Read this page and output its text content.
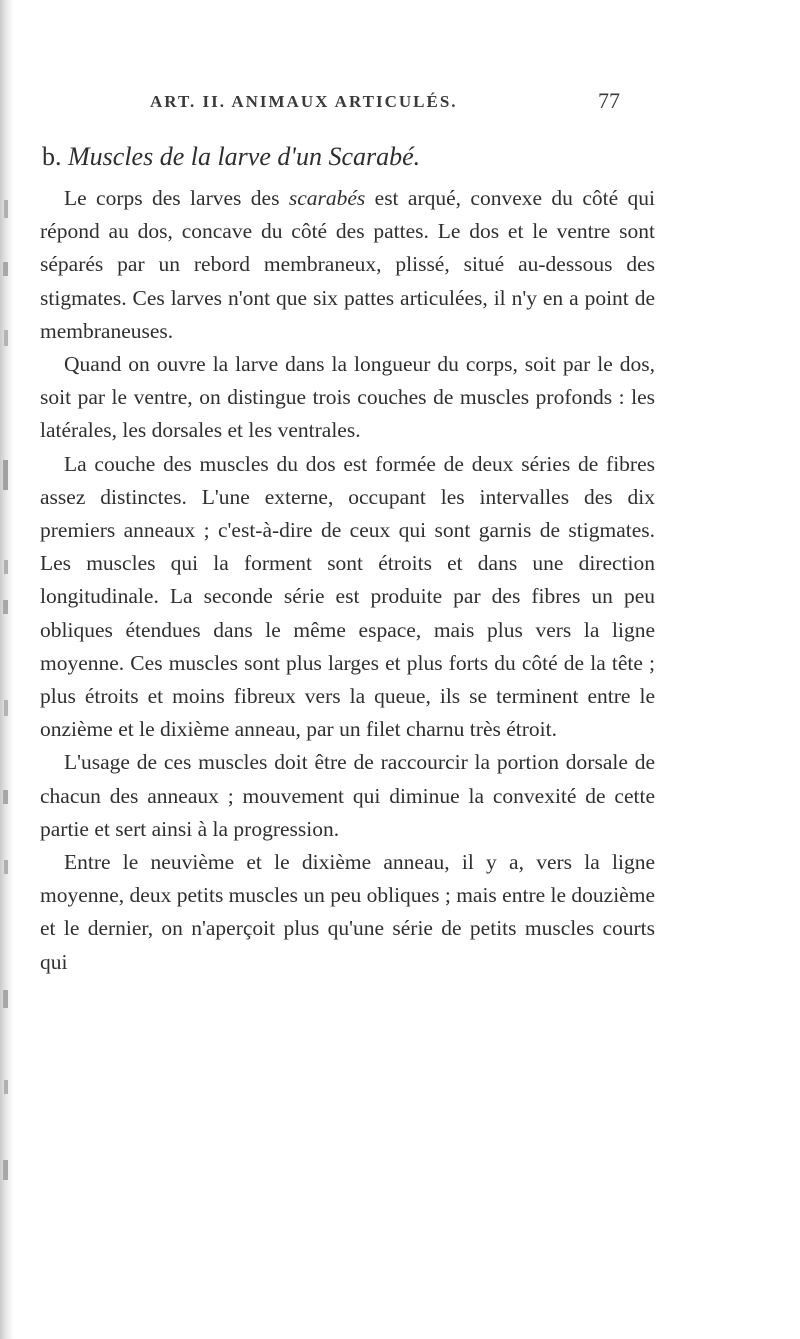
ART. II. ANIMAUX ARTICULÉS.	77
b. Muscles de la larve d'un Scarabé.

Le corps des larves des scarabés est arqué, convexe du côté qui répond au dos, concave du côté des pattes. Le dos et le ventre sont séparés par un rebord membraneux, plissé, situé au-dessous des stigmates. Ces larves n'ont que six pattes articulées, il n'y en a point de membraneuses.

Quand on ouvre la larve dans la longueur du corps, soit par le dos, soit par le ventre, on distingue trois couches de muscles profonds : les latérales, les dorsales et les ventrales.

La couche des muscles du dos est formée de deux séries de fibres assez distinctes. L'une externe, occupant les intervalles des dix premiers anneaux ; c'est-à-dire de ceux qui sont garnis de stigmates. Les muscles qui la forment sont étroits et dans une direction longitudinale. La seconde série est produite par des fibres un peu obliques étendues dans le même espace, mais plus vers la ligne moyenne. Ces muscles sont plus larges et plus forts du côté de la tête ; plus étroits et moins fibreux vers la queue, ils se terminent entre le onzième et le dixième anneau, par un filet charnu très étroit.

L'usage de ces muscles doit être de raccourcir la portion dorsale de chacun des anneaux ; mouvement qui diminue la convexité de cette partie et sert ainsi à la progression.

Entre le neuvième et le dixième anneau, il y a, vers la ligne moyenne, deux petits muscles un peu obliques ; mais entre le douzième et le dernier, on n'aperçoit plus qu'une série de petits muscles courts qui
